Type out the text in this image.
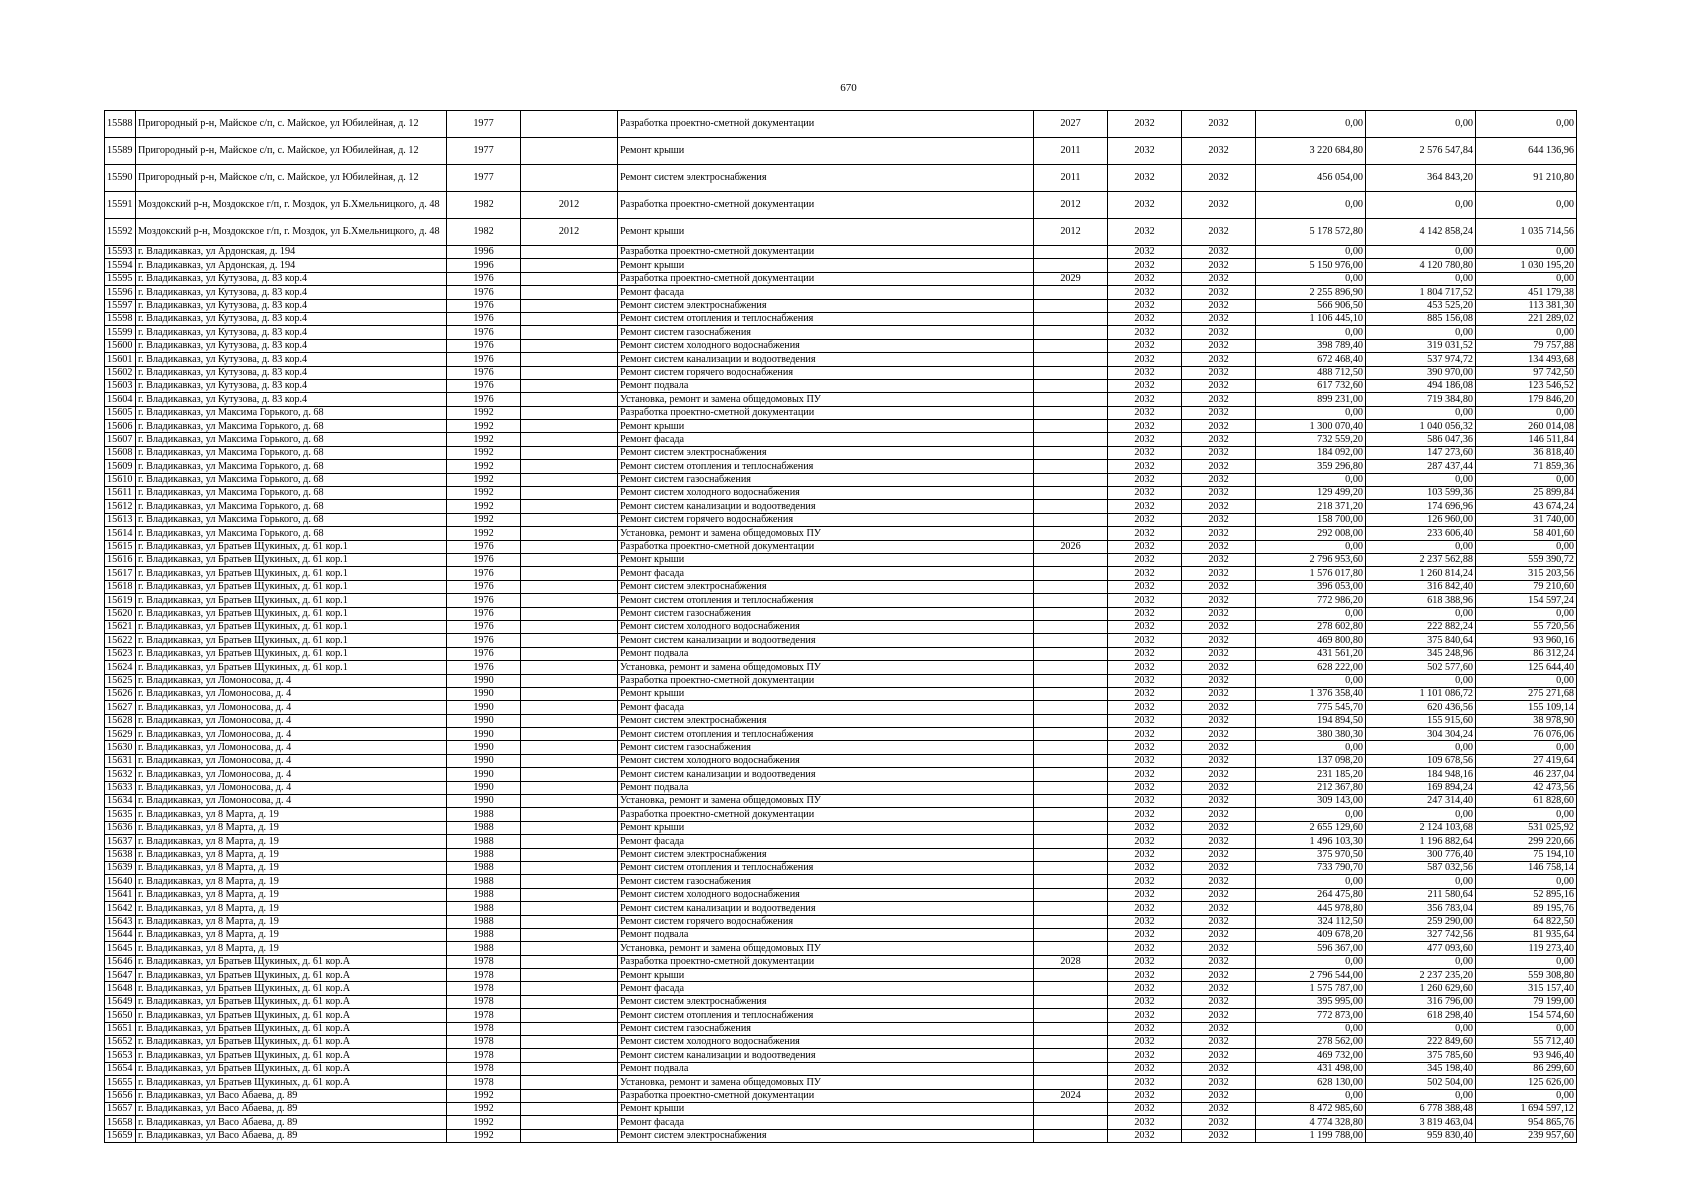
670
15588	Пригородный р-н, Майское с/п, с. Майское, ул Юбилейная, д. 12	1977		Разработка проектно-сметной документации	2027	2032	2032	0,00	0,00	0,00
15589	Пригородный р-н, Майское с/п, с. Майское, ул Юбилейная, д. 12	1977		Ремонт крыши	2011	2032	2032	3 220 684,80	2 576 547,84	644 136,96
15590	Пригородный р-н, Майское с/п, с. Майское, ул Юбилейная, д. 12	1977		Ремонт систем электроснабжения	2011	2032	2032	456 054,00	364 843,20	91 210,80
15591	Моздокский р-н, Моздокское г/п, г. Моздок, ул Б.Хмельницкого, д. 48	1982	2012	Разработка проектно-сметной документации	2012	2032	2032	0,00	0,00	0,00
15592	Моздокский р-н, Моздокское г/п, г. Моздок, ул Б.Хмельницкого, д. 48	1982	2012	Ремонт крыши	2012	2032	2032	5 178 572,80	4 142 858,24	1 035 714,56
15593	г. Владикавказ, ул Ардонская, д. 194	1996		Разработка проектно-сметной документации		2032	2032	0,00	0,00	0,00
15594	г. Владикавказ, ул Ардонская, д. 194	1996		Ремонт крыши		2032	2032	5 150 976,00	4 120 780,80	1 030 195,20
15595	г. Владикавказ, ул Кутузова, д. 83 кор.4	1976		Разработка проектно-сметной документации	2029	2032	2032	0,00	0,00	0,00
15596	г. Владикавказ, ул Кутузова, д. 83 кор.4	1976		Ремонт фасада		2032	2032	2 255 896,90	1 804 717,52	451 179,38
15597	г. Владикавказ, ул Кутузова, д. 83 кор.4	1976		Ремонт систем электроснабжения		2032	2032	566 906,50	453 525,20	113 381,30
15598	г. Владикавказ, ул Кутузова, д. 83 кор.4	1976		Ремонт систем отопления и теплоснабжения		2032	2032	1 106 445,10	885 156,08	221 289,02
15599	г. Владикавказ, ул Кутузова, д. 83 кор.4	1976		Ремонт систем газоснабжения		2032	2032	0,00	0,00	0,00
15600	г. Владикавказ, ул Кутузова, д. 83 кор.4	1976		Ремонт систем холодного водоснабжения		2032	2032	398 789,40	319 031,52	79 757,88
15601	г. Владикавказ, ул Кутузова, д. 83 кор.4	1976		Ремонт систем канализации и водоотведения		2032	2032	672 468,40	537 974,72	134 493,68
15602	г. Владикавказ, ул Кутузова, д. 83 кор.4	1976		Ремонт систем горячего водоснабжения		2032	2032	488 712,50	390 970,00	97 742,50
15603	г. Владикавказ, ул Кутузова, д. 83 кор.4	1976		Ремонт подвала		2032	2032	617 732,60	494 186,08	123 546,52
15604	г. Владикавказ, ул Кутузова, д. 83 кор.4	1976		Установка, ремонт и замена общедомовых ПУ		2032	2032	899 231,00	719 384,80	179 846,20
15605	г. Владикавказ, ул Максима Горького, д. 68	1992		Разработка проектно-сметной документации		2032	2032	0,00	0,00	0,00
15606	г. Владикавказ, ул Максима Горького, д. 68	1992		Ремонт крыши		2032	2032	1 300 070,40	1 040 056,32	260 014,08
15607	г. Владикавказ, ул Максима Горького, д. 68	1992		Ремонт фасада		2032	2032	732 559,20	586 047,36	146 511,84
15608	г. Владикавказ, ул Максима Горького, д. 68	1992		Ремонт систем электроснабжения		2032	2032	184 092,00	147 273,60	36 818,40
15609	г. Владикавказ, ул Максима Горького, д. 68	1992		Ремонт систем отопления и теплоснабжения		2032	2032	359 296,80	287 437,44	71 859,36
15610	г. Владикавказ, ул Максима Горького, д. 68	1992		Ремонт систем газоснабжения		2032	2032	0,00	0,00	0,00
15611	г. Владикавказ, ул Максима Горького, д. 68	1992		Ремонт систем холодного водоснабжения		2032	2032	129 499,20	103 599,36	25 899,84
15612	г. Владикавказ, ул Максима Горького, д. 68	1992		Ремонт систем канализации и водоотведения		2032	2032	218 371,20	174 696,96	43 674,24
15613	г. Владикавказ, ул Максима Горького, д. 68	1992		Ремонт систем горячего водоснабжения		2032	2032	158 700,00	126 960,00	31 740,00
15614	г. Владикавказ, ул Максима Горького, д. 68	1992		Установка, ремонт и замена общедомовых ПУ		2032	2032	292 008,00	233 606,40	58 401,60
15615	г. Владикавказ, ул Братьев Щукиных, д. 61 кор.1	1976		Разработка проектно-сметной документации	2026	2032	2032	0,00	0,00	0,00
15616	г. Владикавказ, ул Братьев Щукиных, д. 61 кор.1	1976		Ремонт крыши		2032	2032	2 796 953,60	2 237 562,88	559 390,72
15617	г. Владикавказ, ул Братьев Щукиных, д. 61 кор.1	1976		Ремонт фасада		2032	2032	1 576 017,80	1 260 814,24	315 203,56
15618	г. Владикавказ, ул Братьев Щукиных, д. 61 кор.1	1976		Ремонт систем электроснабжения		2032	2032	396 053,00	316 842,40	79 210,60
15619	г. Владикавказ, ул Братьев Щукиных, д. 61 кор.1	1976		Ремонт систем отопления и теплоснабжения		2032	2032	772 986,20	618 388,96	154 597,24
15620	г. Владикавказ, ул Братьев Щукиных, д. 61 кор.1	1976		Ремонт систем газоснабжения		2032	2032	0,00	0,00	0,00
15621	г. Владикавказ, ул Братьев Щукиных, д. 61 кор.1	1976		Ремонт систем холодного водоснабжения		2032	2032	278 602,80	222 882,24	55 720,56
15622	г. Владикавказ, ул Братьев Щукиных, д. 61 кор.1	1976		Ремонт систем канализации и водоотведения		2032	2032	469 800,80	375 840,64	93 960,16
15623	г. Владикавказ, ул Братьев Щукиных, д. 61 кор.1	1976		Ремонт подвала		2032	2032	431 561,20	345 248,96	86 312,24
15624	г. Владикавказ, ул Братьев Щукиных, д. 61 кор.1	1976		Установка, ремонт и замена общедомовых ПУ		2032	2032	628 222,00	502 577,60	125 644,40
15625	г. Владикавказ, ул Ломоносова, д. 4	1990		Разработка проектно-сметной документации		2032	2032	0,00	0,00	0,00
15626	г. Владикавказ, ул Ломоносова, д. 4	1990		Ремонт крыши		2032	2032	1 376 358,40	1 101 086,72	275 271,68
15627	г. Владикавказ, ул Ломоносова, д. 4	1990		Ремонт фасада		2032	2032	775 545,70	620 436,56	155 109,14
15628	г. Владикавказ, ул Ломоносова, д. 4	1990		Ремонт систем электроснабжения		2032	2032	194 894,50	155 915,60	38 978,90
15629	г. Владикавказ, ул Ломоносова, д. 4	1990		Ремонт систем отопления и теплоснабжения		2032	2032	380 380,30	304 304,24	76 076,06
15630	г. Владикавказ, ул Ломоносова, д. 4	1990		Ремонт систем газоснабжения		2032	2032	0,00	0,00	0,00
15631	г. Владикавказ, ул Ломоносова, д. 4	1990		Ремонт систем холодного водоснабжения		2032	2032	137 098,20	109 678,56	27 419,64
15632	г. Владикавказ, ул Ломоносова, д. 4	1990		Ремонт систем канализации и водоотведения		2032	2032	231 185,20	184 948,16	46 237,04
15633	г. Владикавказ, ул Ломоносова, д. 4	1990		Ремонт подвала		2032	2032	212 367,80	169 894,24	42 473,56
15634	г. Владикавказ, ул Ломоносова, д. 4	1990		Установка, ремонт и замена общедомовых ПУ		2032	2032	309 143,00	247 314,40	61 828,60
15635	г. Владикавказ, ул 8 Марта, д. 19	1988		Разработка проектно-сметной документации		2032	2032	0,00	0,00	0,00
15636	г. Владикавказ, ул 8 Марта, д. 19	1988		Ремонт крыши		2032	2032	2 655 129,60	2 124 103,68	531 025,92
15637	г. Владикавказ, ул 8 Марта, д. 19	1988		Ремонт фасада		2032	2032	1 496 103,30	1 196 882,64	299 220,66
15638	г. Владикавказ, ул 8 Марта, д. 19	1988		Ремонт систем электроснабжения		2032	2032	375 970,50	300 776,40	75 194,10
15639	г. Владикавказ, ул 8 Марта, д. 19	1988		Ремонт систем отопления и теплоснабжения		2032	2032	733 790,70	587 032,56	146 758,14
15640	г. Владикавказ, ул 8 Марта, д. 19	1988		Ремонт систем газоснабжения		2032	2032	0,00	0,00	0,00
15641	г. Владикавказ, ул 8 Марта, д. 19	1988		Ремонт систем холодного водоснабжения		2032	2032	264 475,80	211 580,64	52 895,16
15642	г. Владикавказ, ул 8 Марта, д. 19	1988		Ремонт систем канализации и водоотведения		2032	2032	445 978,80	356 783,04	89 195,76
15643	г. Владикавказ, ул 8 Марта, д. 19	1988		Ремонт систем горячего водоснабжения		2032	2032	324 112,50	259 290,00	64 822,50
15644	г. Владикавказ, ул 8 Марта, д. 19	1988		Ремонт подвала		2032	2032	409 678,20	327 742,56	81 935,64
15645	г. Владикавказ, ул 8 Марта, д. 19	1988		Установка, ремонт и замена общедомовых ПУ		2032	2032	596 367,00	477 093,60	119 273,40
15646	г. Владикавказ, ул Братьев Щукиных, д. 61 кор.А	1978		Разработка проектно-сметной документации	2028	2032	2032	0,00	0,00	0,00
15647	г. Владикавказ, ул Братьев Щукиных, д. 61 кор.А	1978		Ремонт крыши		2032	2032	2 796 544,00	2 237 235,20	559 308,80
15648	г. Владикавказ, ул Братьев Щукиных, д. 61 кор.А	1978		Ремонт фасада		2032	2032	1 575 787,00	1 260 629,60	315 157,40
15649	г. Владикавказ, ул Братьев Щукиных, д. 61 кор.А	1978		Ремонт систем электроснабжения		2032	2032	395 995,00	316 796,00	79 199,00
15650	г. Владикавказ, ул Братьев Щукиных, д. 61 кор.А	1978		Ремонт систем отопления и теплоснабжения		2032	2032	772 873,00	618 298,40	154 574,60
15651	г. Владикавказ, ул Братьев Щукиных, д. 61 кор.А	1978		Ремонт систем газоснабжения		2032	2032	0,00	0,00	0,00
15652	г. Владикавказ, ул Братьев Щукиных, д. 61 кор.А	1978		Ремонт систем холодного водоснабжения		2032	2032	278 562,00	222 849,60	55 712,40
15653	г. Владикавказ, ул Братьев Щукиных, д. 61 кор.А	1978		Ремонт систем канализации и водоотведения		2032	2032	469 732,00	375 785,60	93 946,40
15654	г. Владикавказ, ул Братьев Щукиных, д. 61 кор.А	1978		Ремонт подвала		2032	2032	431 498,00	345 198,40	86 299,60
15655	г. Владикавказ, ул Братьев Щукиных, д. 61 кор.А	1978		Установка, ремонт и замена общедомовых ПУ		2032	2032	628 130,00	502 504,00	125 626,00
15656	г. Владикавказ, ул Васо Абаева, д. 89	1992		Разработка проектно-сметной документации	2024	2032	2032	0,00	0,00	0,00
15657	г. Владикавказ, ул Васо Абаева, д. 89	1992		Ремонт крыши		2032	2032	8 472 985,60	6 778 388,48	1 694 597,12
15658	г. Владикавказ, ул Васо Абаева, д. 89	1992		Ремонт фасада		2032	2032	4 774 328,80	3 819 463,04	954 865,76
15659	г. Владикавказ, ул Васо Абаева, д. 89	1992		Ремонт систем электроснабжения		2032	2032	1 199 788,00	959 830,40	239 957,60
